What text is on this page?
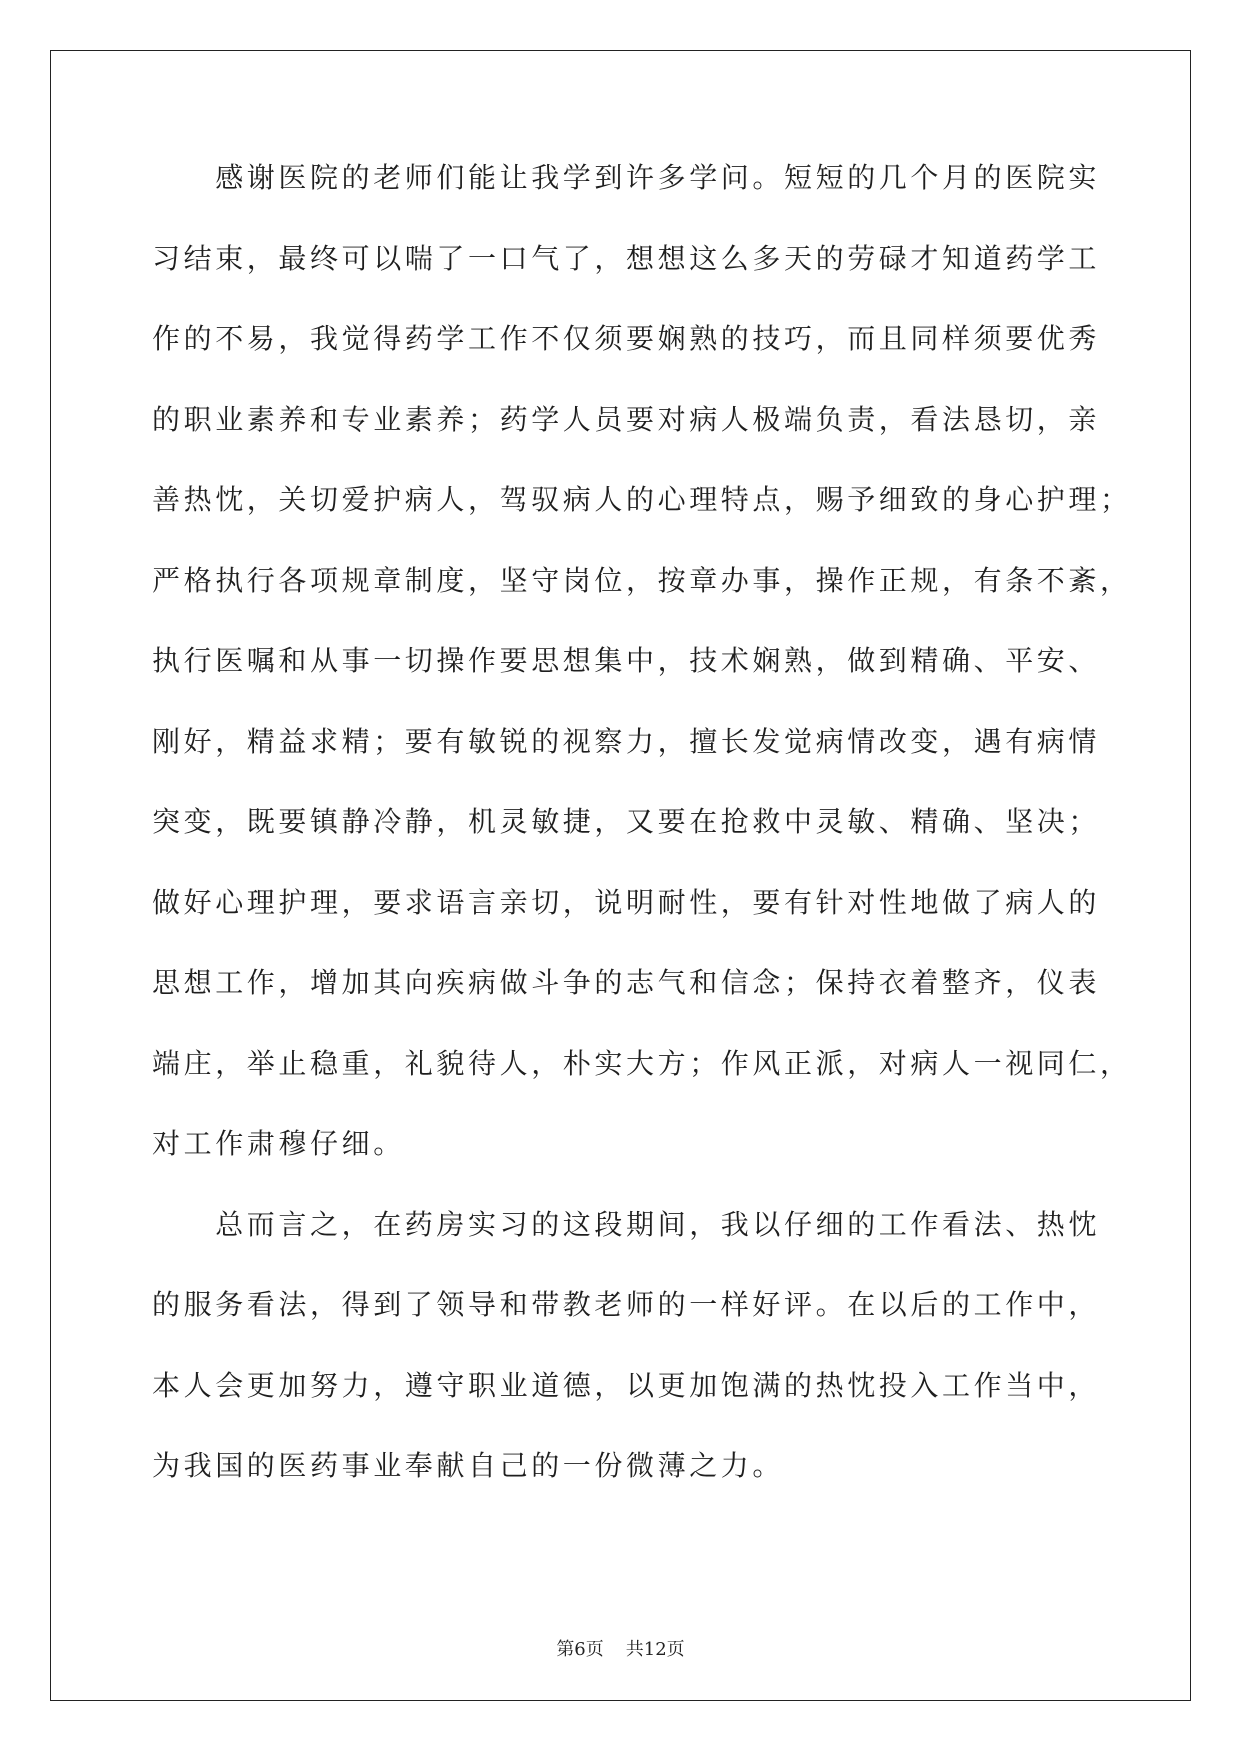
　　感谢医院的老师们能让我学到许多学问。短短的几个月的医院实
习结束，最终可以喘了一口气了，想想这么多天的劳碌才知道药学工
作的不易，我觉得药学工作不仅须要娴熟的技巧，而且同样须要优秀
的职业素养和专业素养；药学人员要对病人极端负责，看法恳切，亲
善热忱，关切爱护病人，驾驭病人的心理特点，赐予细致的身心护理；
严格执行各项规章制度，坚守岗位，按章办事，操作正规，有条不紊，
执行医嘱和从事一切操作要思想集中，技术娴熟，做到精确、平安、
刚好，精益求精；要有敏锐的视察力，擅长发觉病情改变，遇有病情
突变，既要镇静冷静，机灵敏捷，又要在抢救中灵敏、精确、坚决；
做好心理护理，要求语言亲切，说明耐性，要有针对性地做了病人的
思想工作，增加其向疾病做斗争的志气和信念；保持衣着整齐，仪表
端庄，举止稳重，礼貌待人，朴实大方；作风正派，对病人一视同仁，
对工作肃穆仔细。
　　总而言之，在药房实习的这段期间，我以仔细的工作看法、热忱
的服务看法，得到了领导和带教老师的一样好评。在以后的工作中，
本人会更加努力，遵守职业道德，以更加饱满的热忱投入工作当中，
为我国的医药事业奉献自己的一份微薄之力。
第6页 共12页
